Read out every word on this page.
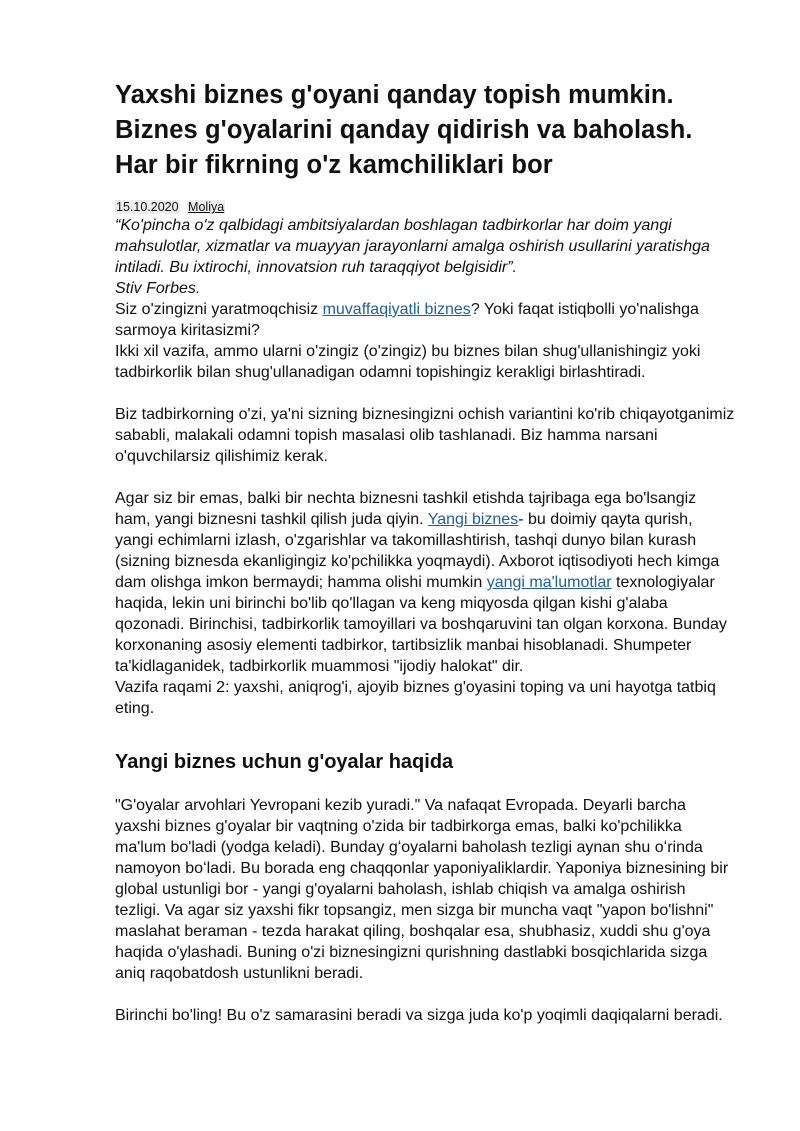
Yaxshi biznes g'oyani qanday topish mumkin. Biznes g'oyalarini qanday qidirish va baholash. Har bir fikrning o'z kamchiliklari bor
15.10.2020 Moliya

“Ko'pincha o'z qalbidagi ambitsiyalardan boshlagan tadbirkorlar har doim yangi mahsulotlar, xizmatlar va muayyan jarayonlarni amalga oshirish usullarini yaratishga intiladi. Bu ixtirochi, innovatsion ruh taraqqiyot belgisidir”.

Stiv Forbes.

Siz o'zingizni yaratmoqchisiz muvaffaqiyatli biznes? Yoki faqat istiqbolli yo'nalishga sarmoya kiritasizmi?

Ikki xil vazifa, ammo ularni o'zingiz (o'zingiz) bu biznes bilan shug'ullanishingiz yoki tadbirkorlik bilan shug'ullanadigan odamni topishingiz kerakligi birlashtiradi.

Biz tadbirkorning o'zi, ya'ni sizning biznesingizni ochish variantini ko'rib chiqayotganimiz sababli, malakali odamni topish masalasi olib tashlanadi. Biz hamma narsani o'quvchilarsiz qilishimiz kerak.

Agar siz bir emas, balki bir nechta biznesni tashkil etishda tajribaga ega bo'lsangiz ham, yangi biznesni tashkil qilish juda qiyin. Yangi biznes- bu doimiy qayta qurish, yangi echimlarni izlash, o'zgarishlar va takomillashtirish, tashqi dunyo bilan kurash (sizning biznesda ekanligingiz ko'pchilikka yoqmaydi). Axborot iqtisodiyoti hech kimga dam olishga imkon bermaydi; hamma olishi mumkin yangi ma'lumotlar texnologiyalar haqida, lekin uni birinchi bo'lib qo'llagan va keng miqyosda qilgan kishi g'alaba qozonadi. Birinchisi, tadbirkorlik tamoyillari va boshqaruvini tan olgan korxona. Bunday korxonaning asosiy elementi tadbirkor, tartibsizlik manbai hisoblanadi. Shumpeter ta'kidlaganidek, tadbirkorlik muammosi "ijodiy halokat" dir.

Vazifa raqami 2: yaxshi, aniqrog'i, ajoyib biznes g'oyasini toping va uni hayotga tatbiq eting.

Yangi biznes uchun g'oyalar haqida

"G'oyalar arvohlari Yevropani kezib yuradi." Va nafaqat Evropada. Deyarli barcha yaxshi biznes g'oyalar bir vaqtning o'zida bir tadbirkorga emas, balki ko'pchilikka ma'lum bo'ladi (yodga keladi). Bunday gʻoyalarni baholash tezligi aynan shu oʻrinda namoyon boʻladi. Bu borada eng chaqqonlar yaponiyaliklardir. Yaponiya biznesining bir global ustunligi bor - yangi g'oyalarni baholash, ishlab chiqish va amalga oshirish tezligi. Va agar siz yaxshi fikr topsangiz, men sizga bir muncha vaqt "yapon bo'lishni" maslahat beraman - tezda harakat qiling, boshqalar esa, shubhasiz, xuddi shu g'oya haqida o'ylashadi. Buning o'zi biznesingizni qurishning dastlabki bosqichlarida sizga aniq raqobatdosh ustunlikni beradi.

Birinchi bo'ling! Bu o'z samarasini beradi va sizga juda ko'p yoqimli daqiqalarni beradi.
